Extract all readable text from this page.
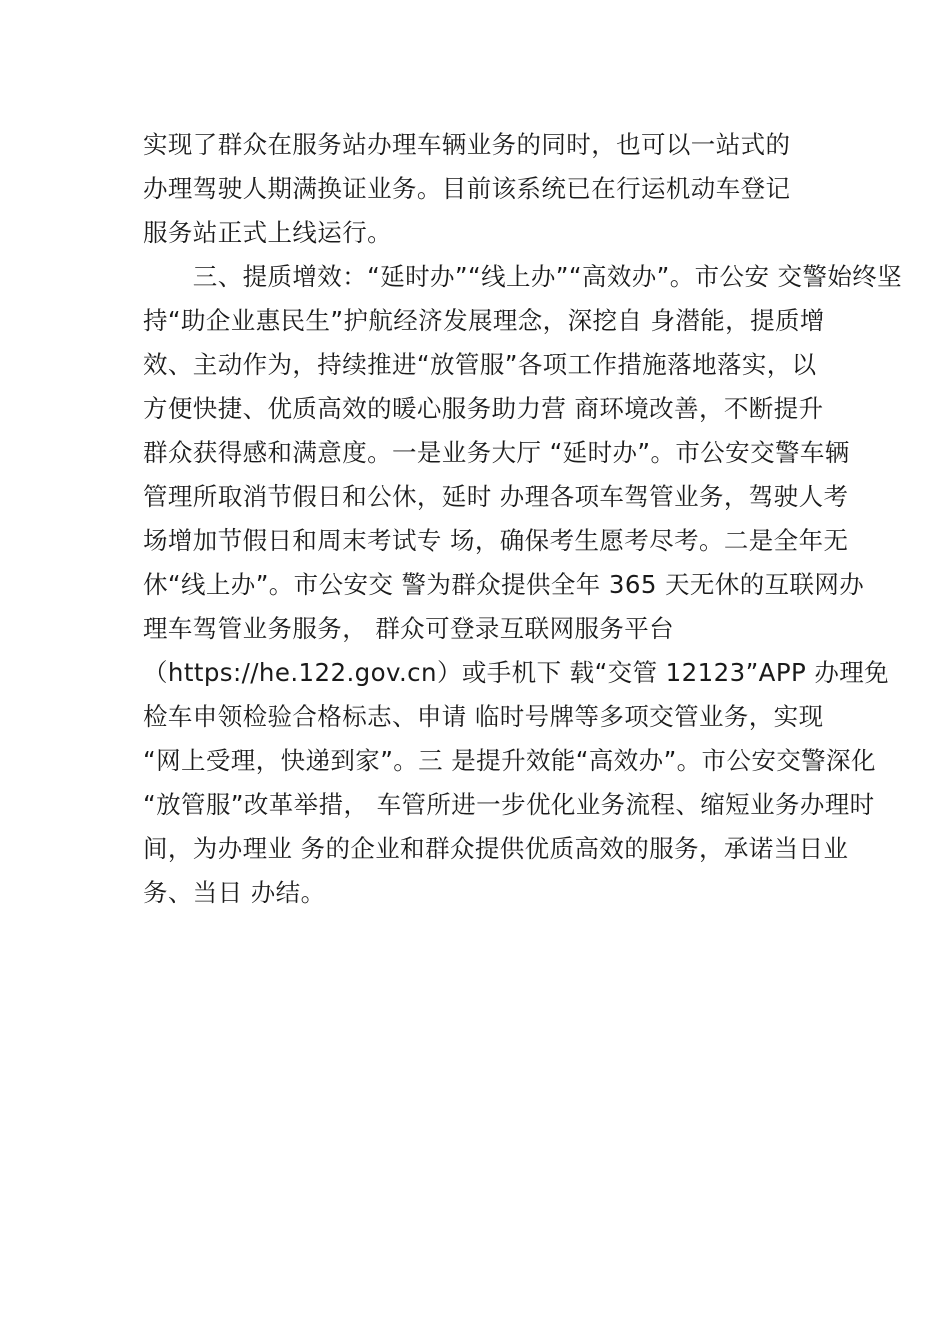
实现了群众在服务站办理车辆业务的同时，也可以一站式的
办理驾驶人期满换证业务。目前该系统已在行运机动车登记
服务站正式上线运行。
　　三、提质增效：“延时办”“线上办”“高效办”。市公安 交警始终坚
持“助企业惠民生”护航经济发展理念，深挖自 身潜能，提质增
效、主动作为，持续推进“放管服”各项工作措施落地落实，以
方便快捷、优质高效的暖心服务助力营 商环境改善，不断提升
群众获得感和满意度。一是业务大厅 “延时办”。市公安交警车辆
管理所取消节假日和公休，延时 办理各项车驾管业务，驾驶人考
场增加节假日和周末考试专 场，确保考生愿考尽考。二是全年无
休“线上办”。市公安交 警为群众提供全年 365 天无休的互联网办
理车驾管业务服务， 群众可登录互联网服务平台
（https://he.122.gov.cn）或手机下 载“交管 12123”APP 办理免
检车申领检验合格标志、申请 临时号牌等多项交管业务，实现
“网上受理，快递到家”。三 是提升效能“高效办”。市公安交警深化
“放管服”改革举措， 车管所进一步优化业务流程、缩短业务办理时
间，为办理业 务的企业和群众提供优质高效的服务，承诺当日业
务、当日 办结。
